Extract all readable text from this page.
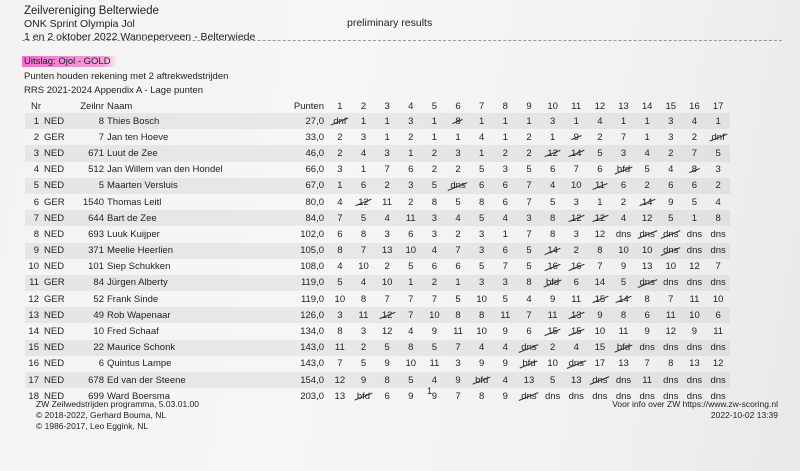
Zeilvereniging Belterwiede
ONK Sprint Olympia Jol
1 en 2 oktober 2022 Wanneperveen - Belterwiede
preliminary results
Uitslag: Ojol - GOLD
Punten houden rekening met 2 aftrekwedstrijden
RRS 2021-2024 Appendix A - Lage punten
Nr		Zeilnr	Naam	Punten	1	2	3	4	5	6	7	8	9	10	11	12	13	14	15	16	17
1	NED	8	Thies Bosch	27,0	dnf	1	1	3	1	8	1	1	1	3	1	4	1	1	3	4	1
2	GER	7	Jan ten Hoeve	33,0	2	3	1	2	1	1	4	1	2	1	9	2	7	1	3	2	dnf
3	NED	671	Luut de Zee	46,0	2	4	3	1	2	3	1	2	2	12	14	5	3	4	2	7	5
4	NED	512	Jan Willem van den Hondel	66,0	3	1	7	6	2	2	5	3	5	6	7	6	bfd	5	4	8	3
5	NED	5	Maarten Versluis	67,0	1	6	2	3	5	dns	6	6	7	4	10	11	6	2	6	6	2
6	GER	1540	Thomas Leitl	80,0	4	12	11	2	8	5	8	6	7	5	3	1	2	14	9	5	4
7	NED	644	Bart de Zee	84,0	7	5	4	11	3	4	5	4	3	8	12	12	4	12	5	1	8
8	NED	693	Luuk Kuijper	102,0	6	8	3	6	3	2	3	1	7	8	3	12	dns	dns	dns	dns	dns
9	NED	371	Meelie Heerlien	105,0	8	7	13	10	4	7	3	6	5	14	2	8	10	10	dns	dns	dns
10	NED	101	Siep Schukken	108,0	4	10	2	5	6	6	5	7	5	16	16	7	9	13	10	12	7
11	GER	84	Jürgen Alberty	119,0	5	4	10	1	2	1	3	3	8	bfd	6	14	5	dns	dns	dns	dns
12	GER	52	Frank Sinde	119,0	10	8	7	7	7	5	10	5	4	9	11	15	14	8	7	11	10
13	NED	49	Rob Wapenaar	126,0	3	11	12	7	10	8	8	11	7	11	13	9	8	6	11	10	6
14	NED	10	Fred Schaaf	134,0	8	3	12	4	9	11	10	9	6	15	15	10	11	9	12	9	11
15	NED	22	Maurice Schonk	143,0	11	2	5	8	5	7	4	4	dns	2	4	15	bfd	dns	dns	dns	dns
16	NED	6	Quintus Lampe	143,0	7	5	9	10	11	3	9	9	bfd	10	dns	17	13	7	8	13	12
17	NED	678	Ed van der Steene	154,0	12	9	8	5	4	9	bfd	4	13	5	13	dns	dns	11	dns	dns	dns
18	NED	699	Ward Boersma	203,0	13	bfd	6	9	9	7	8	9	dns	dns	dns	dns	dns	dns	dns	dns	dns
1
ZW Zeilwedstrijden programma, 5.03.01.00
© 2018-2022, Gerhard Bouma, NL
© 1986-2017, Leo Eggink, NL
Voor info over ZW https://www.zw-scoring.nl
2022-10-02 13:39
